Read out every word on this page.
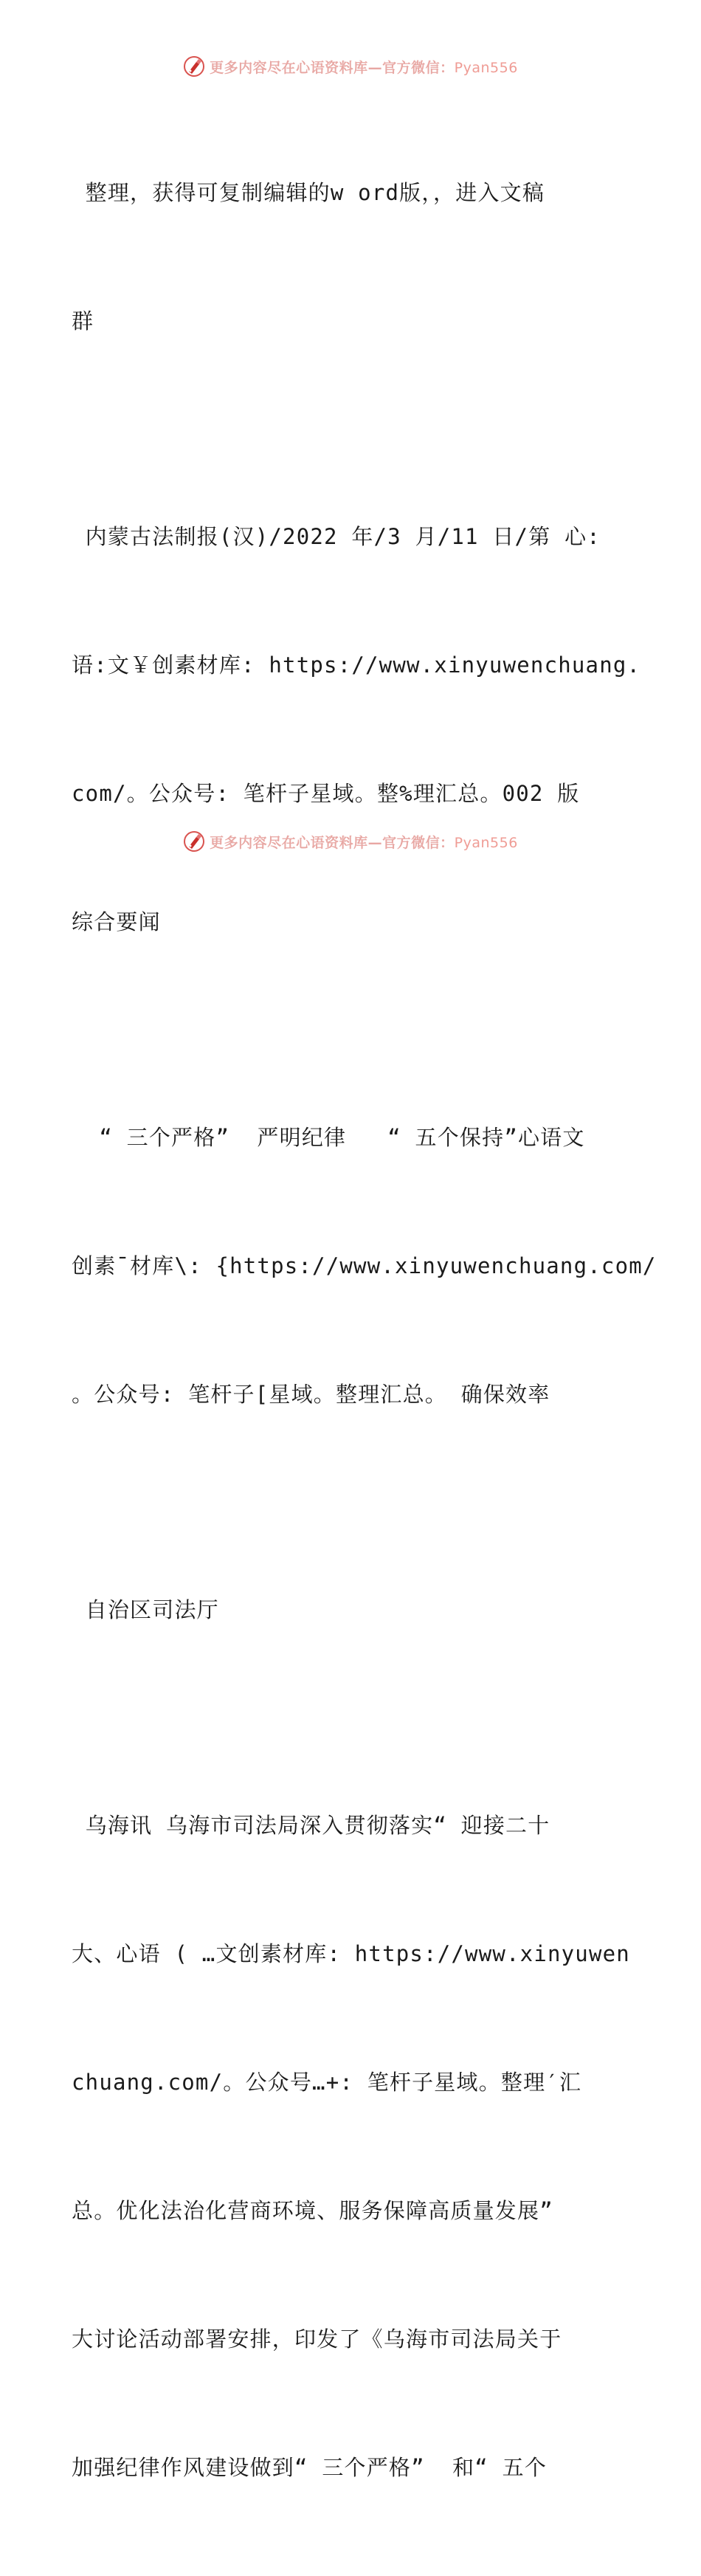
更多内容尽在心语资料库—官方微信：Pyan556

整理，获得可复制编辑的w ord版，，进入文稿

群

内蒙古法制报(汉)/2022 年/3 月/11 日/第 心:

语:文￥创素材库: https://www.xinyuwenchuang.

com/。公众号: 笔杆子星域。整%理汇总。002 版

综合要闻

“ 三个严格”  严明纪律   “ 五个保持”心语文

创素¯材库\: {https://www.xinyuwenchuang.com/

。公众号: 笔杆子[星域。整理汇总。 确保效率

自治区司法厅

乌海讯 乌海市司法局深入贯彻落实“ 迎接二十

大、心语 ( …文创素材库: https://www.xinyuwen

chuang.com/。公众号…+: 笔杆子星域。整理′汇

总。优化法治化营商环境、服务保障高质量发展”

大讨论活动部署安排，印发了《乌海市司法局关于

加强纪律作风建设做到“ 三个严格”  和“ 五个

更多内容尽在心语资料库—官方微信：Pyan556
